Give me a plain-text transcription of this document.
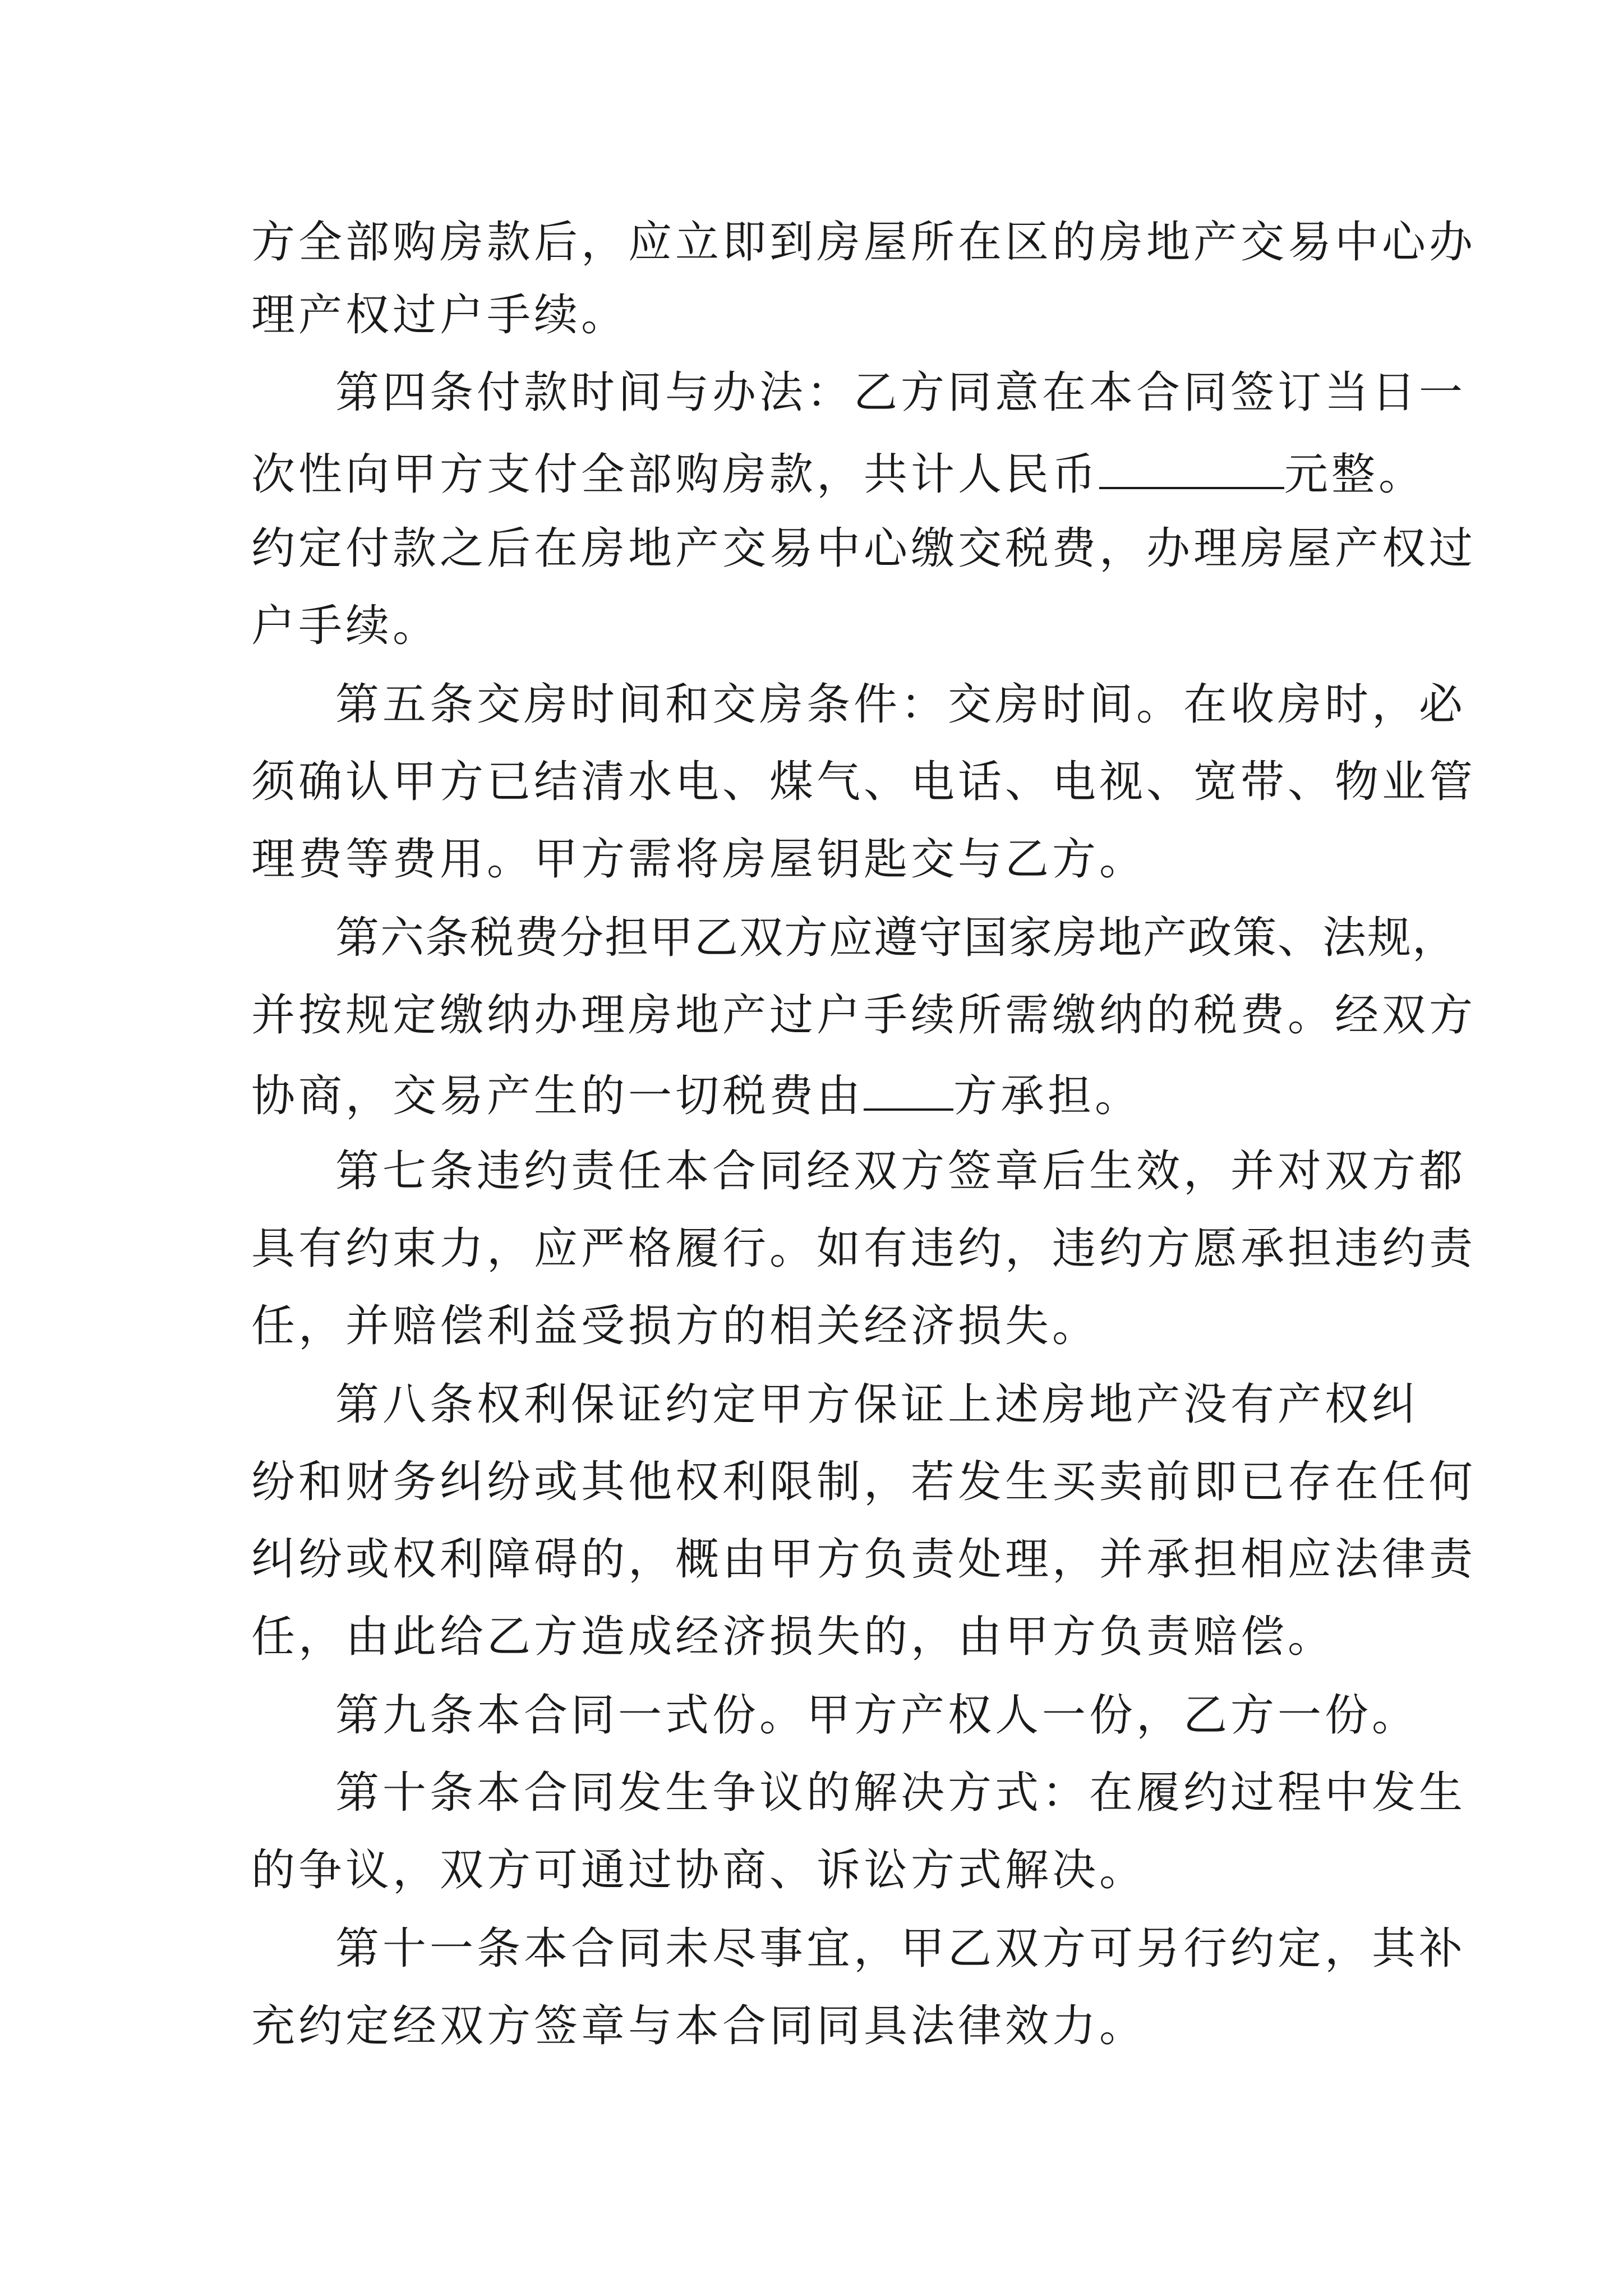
方全部购房款后，应立即到房屋所在区的房地产交易中心办
理产权过户手续。
第四条付款时间与办法：乙方同意在本合同签订当日一
次性向甲方支付全部购房款，共计人民币	元整。
约定付款之后在房地产交易中心缴交税费，办理房屋产权过
户手续。
第五条交房时间和交房条件：交房时间。在收房时，必
须确认甲方已结清水电、煤气、电话、电视、宽带、物业管
理费等费用。甲方需将房屋钥匙交与乙方。
第六条税费分担甲乙双方应遵守国家房地产政策、法规，
并按规定缴纳办理房地产过户手续所需缴纳的税费。经双方
协商，交易产生的一切税费由 方承担。
第七条违约责任本合同经双方签章后生效，并对双方都
具有约束力，应严格履行。如有违约，违约方愿承担违约责
任，并赔偿利益受损方的相关经济损失。
第八条权利保证约定甲方保证上述房地产没有产权纠
纷和财务纠纷或其他权利限制，若发生买卖前即已存在任何
纠纷或权利障碍的，概由甲方负责处理，并承担相应法律责
任，由此给乙方造成经济损失的，由甲方负责赔偿。
第九条本合同一式份。甲方产权人一份，乙方一份。
第十条本合同发生争议的解决方式：在履约过程中发生
的争议，双方可通过协商、诉讼方式解决。
第十一条本合同未尽事宜，甲乙双方可另行约定，其补
充约定经双方签章与本合同同具法律效力。
